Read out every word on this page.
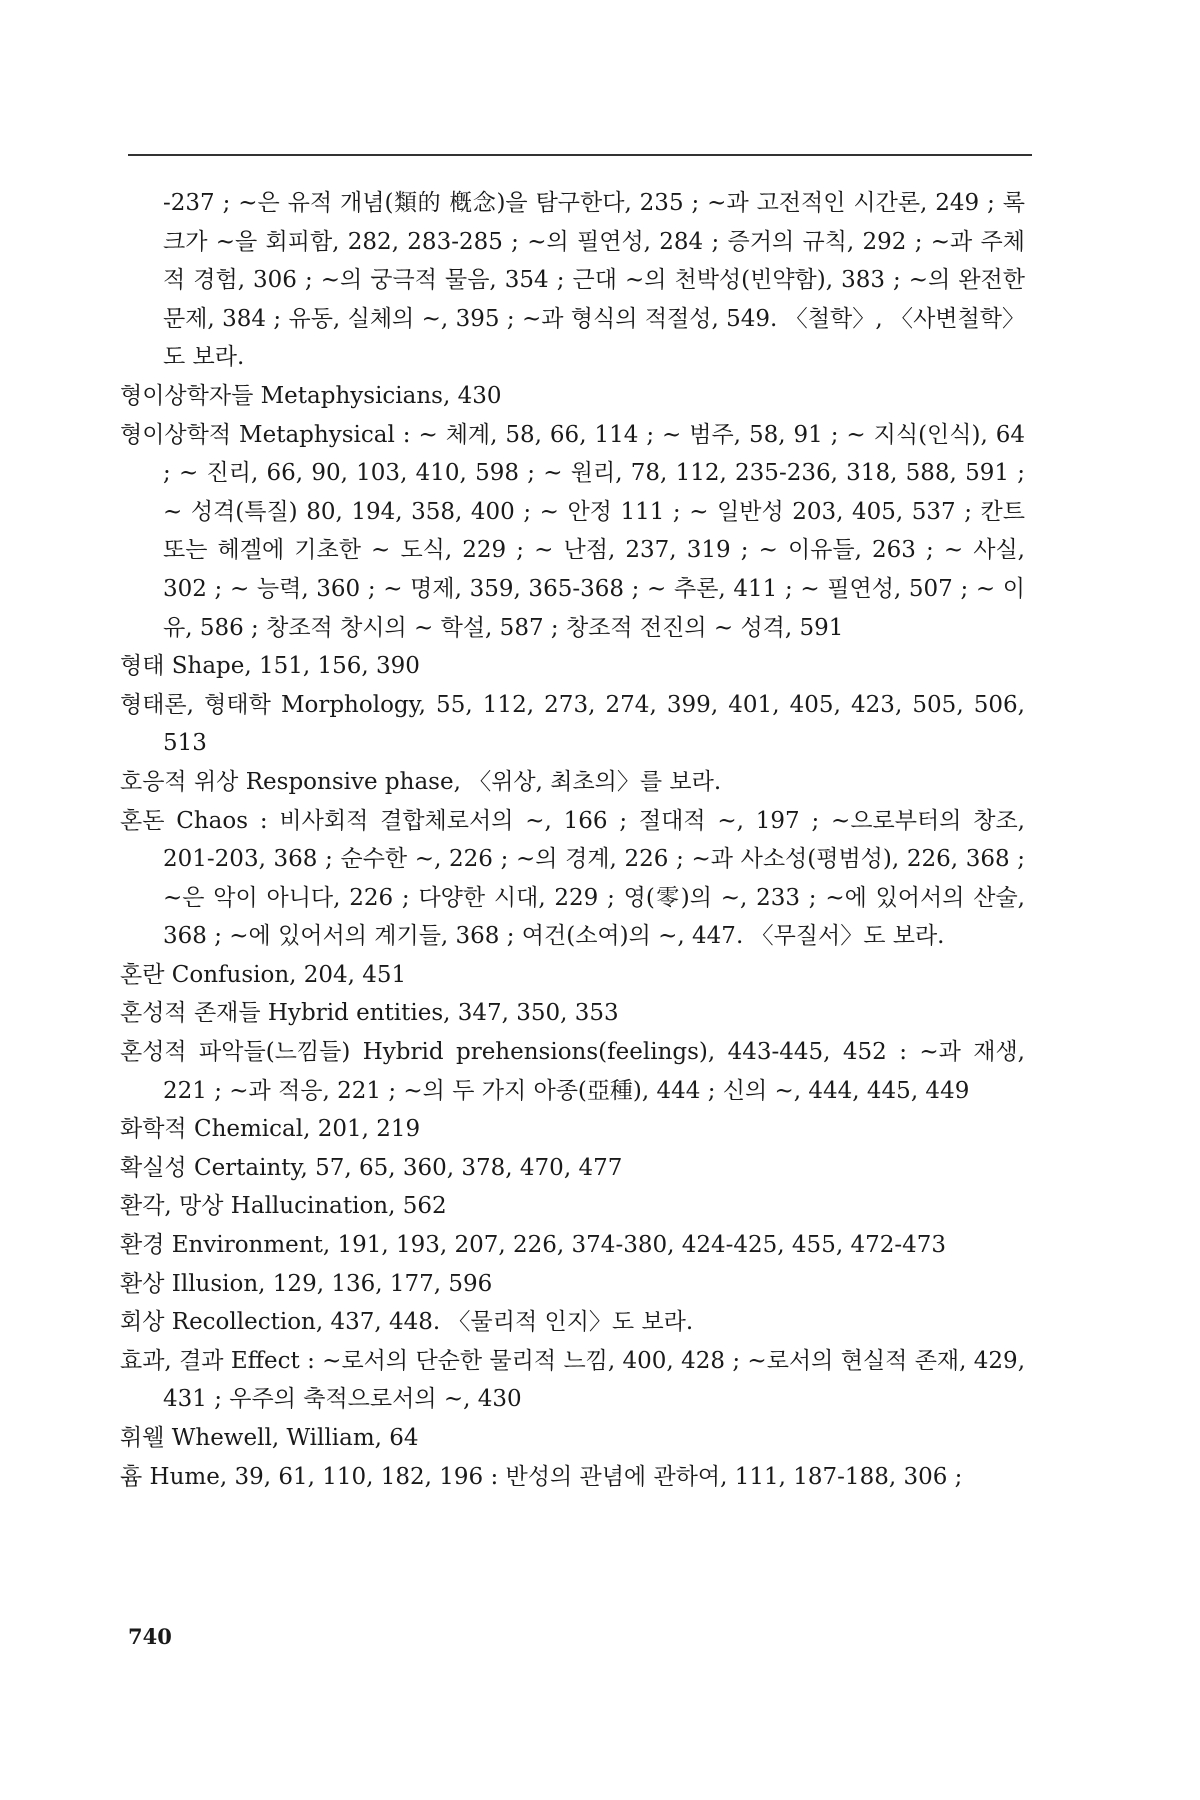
-237 ; ~은 유적 개념(類的 槪念)을 탐구한다, 235 ; ~과 고전적인 시간론, 249 ; 록크가 ~을 회피함, 282, 283-285 ; ~의 필연성, 284 ; 증거의 규칙, 292 ; ~과 주체적 경험, 306 ; ~의 궁극적 물음, 354 ; 근대 ~의 천박성(빈약함), 383 ; ~의 완전한 문제, 384 ; 유동, 실체의 ~, 395 ; ~과 형식의 적절성, 549. 〈철학〉, 〈사변철학〉도 보라.
형이상학자들 Metaphysicians, 430
형이상학적 Metaphysical : ~ 체계, 58, 66, 114 ; ~ 범주, 58, 91 ; ~ 지식(인식), 64 ; ~ 진리, 66, 90, 103, 410, 598 ; ~ 원리, 78, 112, 235-236, 318, 588, 591 ; ~ 성격(특질) 80, 194, 358, 400 ; ~ 안정 111 ; ~ 일반성 203, 405, 537 ; 칸트 또는 헤겔에 기초한 ~ 도식, 229 ; ~ 난점, 237, 319 ; ~ 이유들, 263 ; ~ 사실, 302 ; ~ 능력, 360 ; ~ 명제, 359, 365-368 ; ~ 추론, 411 ; ~ 필연성, 507 ; ~ 이유, 586 ; 창조적 창시의 ~ 학설, 587 ; 창조적 전진의 ~ 성격, 591
형태 Shape, 151, 156, 390
형태론, 형태학 Morphology, 55, 112, 273, 274, 399, 401, 405, 423, 505, 506, 513
호응적 위상 Responsive phase, 〈위상, 최초의〉를 보라.
혼돈 Chaos : 비사회적 결합체로서의 ~, 166 ; 절대적 ~, 197 ; ~으로부터의 창조, 201-203, 368 ; 순수한 ~, 226 ; ~의 경계, 226 ; ~과 사소성(평범성), 226, 368 ; ~은 악이 아니다, 226 ; 다양한 시대, 229 ; 영(零)의 ~, 233 ; ~에 있어서의 산술, 368 ; ~에 있어서의 계기들, 368 ; 여건(소여)의 ~, 447. 〈무질서〉도 보라.
혼란 Confusion, 204, 451
혼성적 존재들 Hybrid entities, 347, 350, 353
혼성적 파악들(느낌들) Hybrid prehensions(feelings), 443-445, 452 : ~과 재생, 221 ; ~과 적응, 221 ; ~의 두 가지 아종(亞種), 444 ; 신의 ~, 444, 445, 449
화학적 Chemical, 201, 219
확실성 Certainty, 57, 65, 360, 378, 470, 477
환각, 망상 Hallucination, 562
환경 Environment, 191, 193, 207, 226, 374-380, 424-425, 455, 472-473
환상 Illusion, 129, 136, 177, 596
회상 Recollection, 437, 448. 〈물리적 인지〉도 보라.
효과, 결과 Effect : ~로서의 단순한 물리적 느낌, 400, 428 ; ~로서의 현실적 존재, 429, 431 ; 우주의 축적으로서의 ~, 430
휘웰 Whewell, William, 64
흄 Hume, 39, 61, 110, 182, 196 : 반성의 관념에 관하여, 111, 187-188, 306 ;
740
